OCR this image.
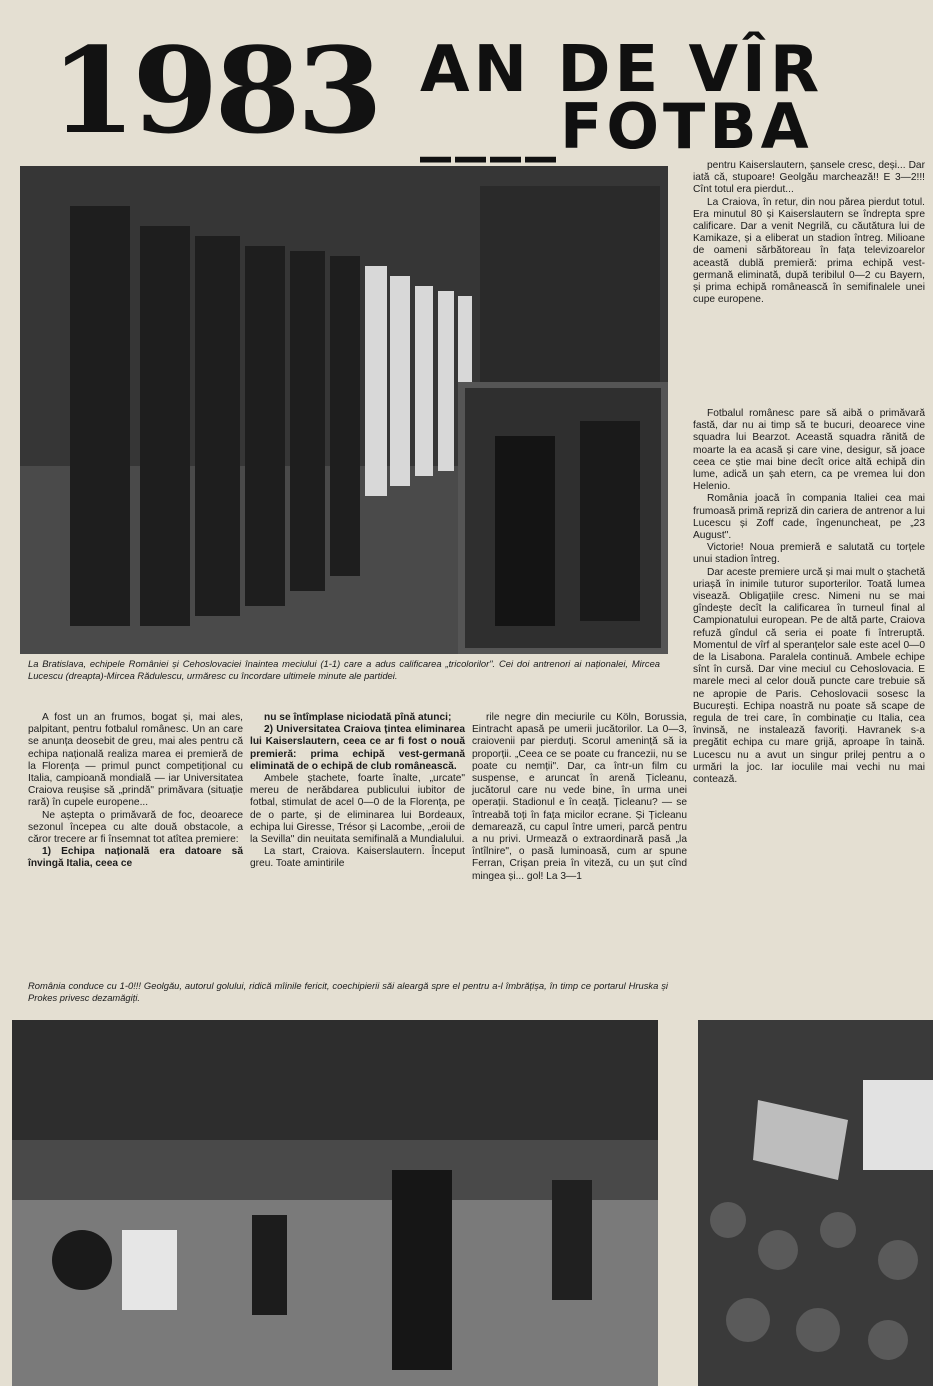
1983 AN DE VÎR
____FOTBA

La Bratislava, echipele României și Cehoslovaciei înaintea meciului (1-1) care a adus calificarea „tricolorilor". Cei doi antrenori ai naționalei, Mircea Lucescu (dreapta)-Mircea Rădulescu, urmăresc cu încordare ultimele minute ale partidei.

pentru Kaiserslautern, șansele cresc, deși... Dar iată că, stupoare! Geolgău marchează!! E 3—2!!! Cînt totul era pierdut...

La Craiova, în retur, din nou părea pierdut totul. Era minutul 80 și Kaiserslautern se îndrepta spre calificare. Dar a venit Negrilă, cu căutătura lui de Kamikaze, și a eliberat un stadion întreg. Milioane de oameni sărbătoreau în fața televizoarelor această dublă premieră: prima echipă vest-germană eliminată, după teribilul 0—2 cu Bayern, și prima echipă românească în semifinalele unei cupe europene.

Fotbalul românesc pare să aibă o primăvară fastă, dar nu ai timp să te bucuri, deoarece vine squadra lui Bearzot. Această squadra rănită de moarte la ea acasă și care vine, desigur, să joace ceea ce știe mai bine decît orice altă echipă din lume, adică un șah etern, ca pe vremea lui don Helenio.

România joacă în compania Italiei cea mai frumoasă primă repriză din cariera de antrenor a lui Lucescu și Zoff cade, îngenuncheat, pe „23 August".

Victorie! Noua premieră e salutată cu torțele unui stadion întreg.

Dar aceste premiere urcă și mai mult o ștachetă uriașă în inimile tuturor suporterilor. Toată lumea visează. Obligațiile cresc. Nimeni nu se mai gîndește decît la calificarea în turneul final al Campionatului european. Pe de altă parte, Craiova refuză gîndul că seria ei poate fi întreruptă. Momentul de vîrf al speranțelor sale este acel 0—0 de la Lisabona. Paralela continuă. Ambele echipe sînt în cursă. Dar vine meciul cu Cehoslovacia. E marele meci al celor două puncte care trebuie să ne apropie de Paris. Cehoslovacii sosesc la București. Echipa noastră nu poate să scape de regula de trei care, în combinație cu Italia, cea învinsă, ne instalează favoriți. Havranek s-a pregătit echipa cu mare grijă, aproape în taină. Lucescu nu a avut un singur prilej pentru a o urmări la joc. Iar ioculile mai vechi nu mai contează.

A fost un an frumos, bogat și, mai ales, palpitant, pentru fotbalul românesc. Un an care se anunța deosebit de greu, mai ales pentru că echipa națională realiza marea ei premieră de la Florența — primul punct competițional cu Italia, campioană mondială — iar Universitatea Craiova reușise să „prindă" primăvara (situație rară) în cupele europene...

Ne aștepta o primăvară de foc, deoarece sezonul începea cu alte două obstacole, a căror trecere ar fi însemnat tot atîtea premiere:

1) Echipa națională era datoare să învingă Italia, ceea ce

nu se întîmplase niciodată pînă atunci;

2) Universitatea Craiova țintea eliminarea lui Kaiserslautern, ceea ce ar fi fost o nouă premieră: prima echipă vest-germană eliminată de o echipă de club românească.

Ambele ștachete, foarte înalte, „urcate" mereu de nerăbdarea publicului iubitor de fotbal, stimulat de acel 0—0 de la Florența, pe de o parte, și de eliminarea lui Bordeaux, echipa lui Giresse, Trésor și Lacombe, „eroii de la Sevilla" din neuitata semifinală a Mundialului.

La start, Craiova. Kaiserslautern. Început greu. Toate amintirile

rile negre din meciurile cu Köln, Borussia, Eintracht apasă pe umerii jucătorilor. La 0—3, craiovenii par pierduți. Scorul amenință să ia proporții. „Ceea ce se poate cu francezii, nu se poate cu nemții". Dar, ca într-un film cu suspense, e aruncat în arenă Țicleanu, jucătorul care nu vede bine, în urma unei operații. Stadionul e în ceață. Țicleanu? — se întreabă toți în fața micilor ecrane. Și Țicleanu demarează, cu capul între umeri, parcă pentru a nu privi. Urmează o extraordinară pasă „la întîlnire", o pasă luminoasă, cum ar spune Ferran, Crișan preia în viteză, cu un șut cînd mingea și... gol! La 3—1

România conduce cu 1-0!!! Geolgău, autorul golului, ridică mîinile fericit, coechipierii săi aleargă spre el pentru a-l îmbrățișa, în timp ce portarul Hruska și Prokes privesc dezamăgiți.
